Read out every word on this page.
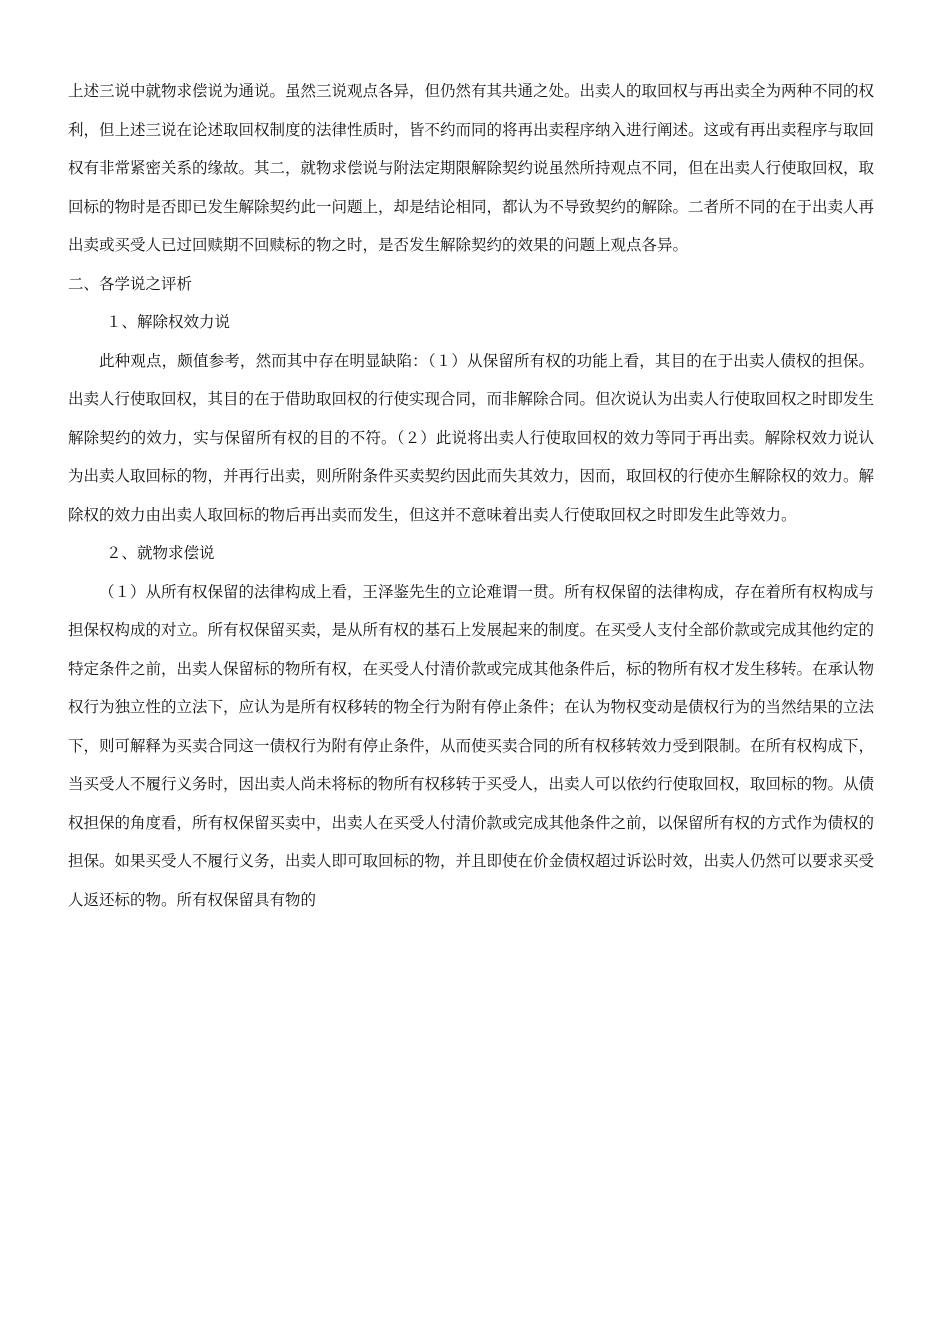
上述三说中就物求偿说为通说。虽然三说观点各异，但仍然有其共通之处。出卖人的取回权与再出卖全为两种不同的权利，但上述三说在论述取回权制度的法律性质时，皆不约而同的将再出卖程序纳入进行阐述。这或有再出卖程序与取回权有非常紧密关系的缘故。其二，就物求偿说与附法定期限解除契约说虽然所持观点不同，但在出卖人行使取回权，取回标的物时是否即已发生解除契约此一问题上，却是结论相同，都认为不导致契约的解除。二者所不同的在于出卖人再出卖或买受人已过回赎期不回赎标的物之时，是否发生解除契约的效果的问题上观点各异。

二、各学说之评析

１、解除权效力说

此种观点，颇值参考，然而其中存在明显缺陷：（１）从保留所有权的功能上看，其目的在于出卖人债权的担保。出卖人行使取回权，其目的在于借助取回权的行使实现合同，而非解除合同。但次说认为出卖人行使取回权之时即发生解除契约的效力，实与保留所有权的目的不符。（２）此说将出卖人行使取回权的效力等同于再出卖。解除权效力说认为出卖人取回标的物，并再行出卖，则所附条件买卖契约因此而失其效力，因而，取回权的行使亦生解除权的效力。解除权的效力由出卖人取回标的物后再出卖而发生，但这并不意味着出卖人行使取回权之时即发生此等效力。

２、就物求偿说

（１）从所有权保留的法律构成上看，王泽鉴先生的立论难谓一贯。所有权保留的法律构成，存在着所有权构成与担保权构成的对立。所有权保留买卖，是从所有权的基石上发展起来的制度。在买受人支付全部价款或完成其他约定的特定条件之前，出卖人保留标的物所有权，在买受人付清价款或完成其他条件后，标的物所有权才发生移转。在承认物权行为独立性的立法下，应认为是所有权移转的物全行为附有停止条件；在认为物权变动是债权行为的当然结果的立法下，则可解释为买卖合同这一债权行为附有停止条件，从而使买卖合同的所有权移转效力受到限制。在所有权构成下，当买受人不履行义务时，因出卖人尚未将标的物所有权移转于买受人，出卖人可以依约行使取回权，取回标的物。从债权担保的角度看，所有权保留买卖中，出卖人在买受人付清价款或完成其他条件之前，以保留所有权的方式作为债权的担保。如果买受人不履行义务，出卖人即可取回标的物，并且即使在价金债权超过诉讼时效，出卖人仍然可以要求买受人返还标的物。所有权保留具有物的
